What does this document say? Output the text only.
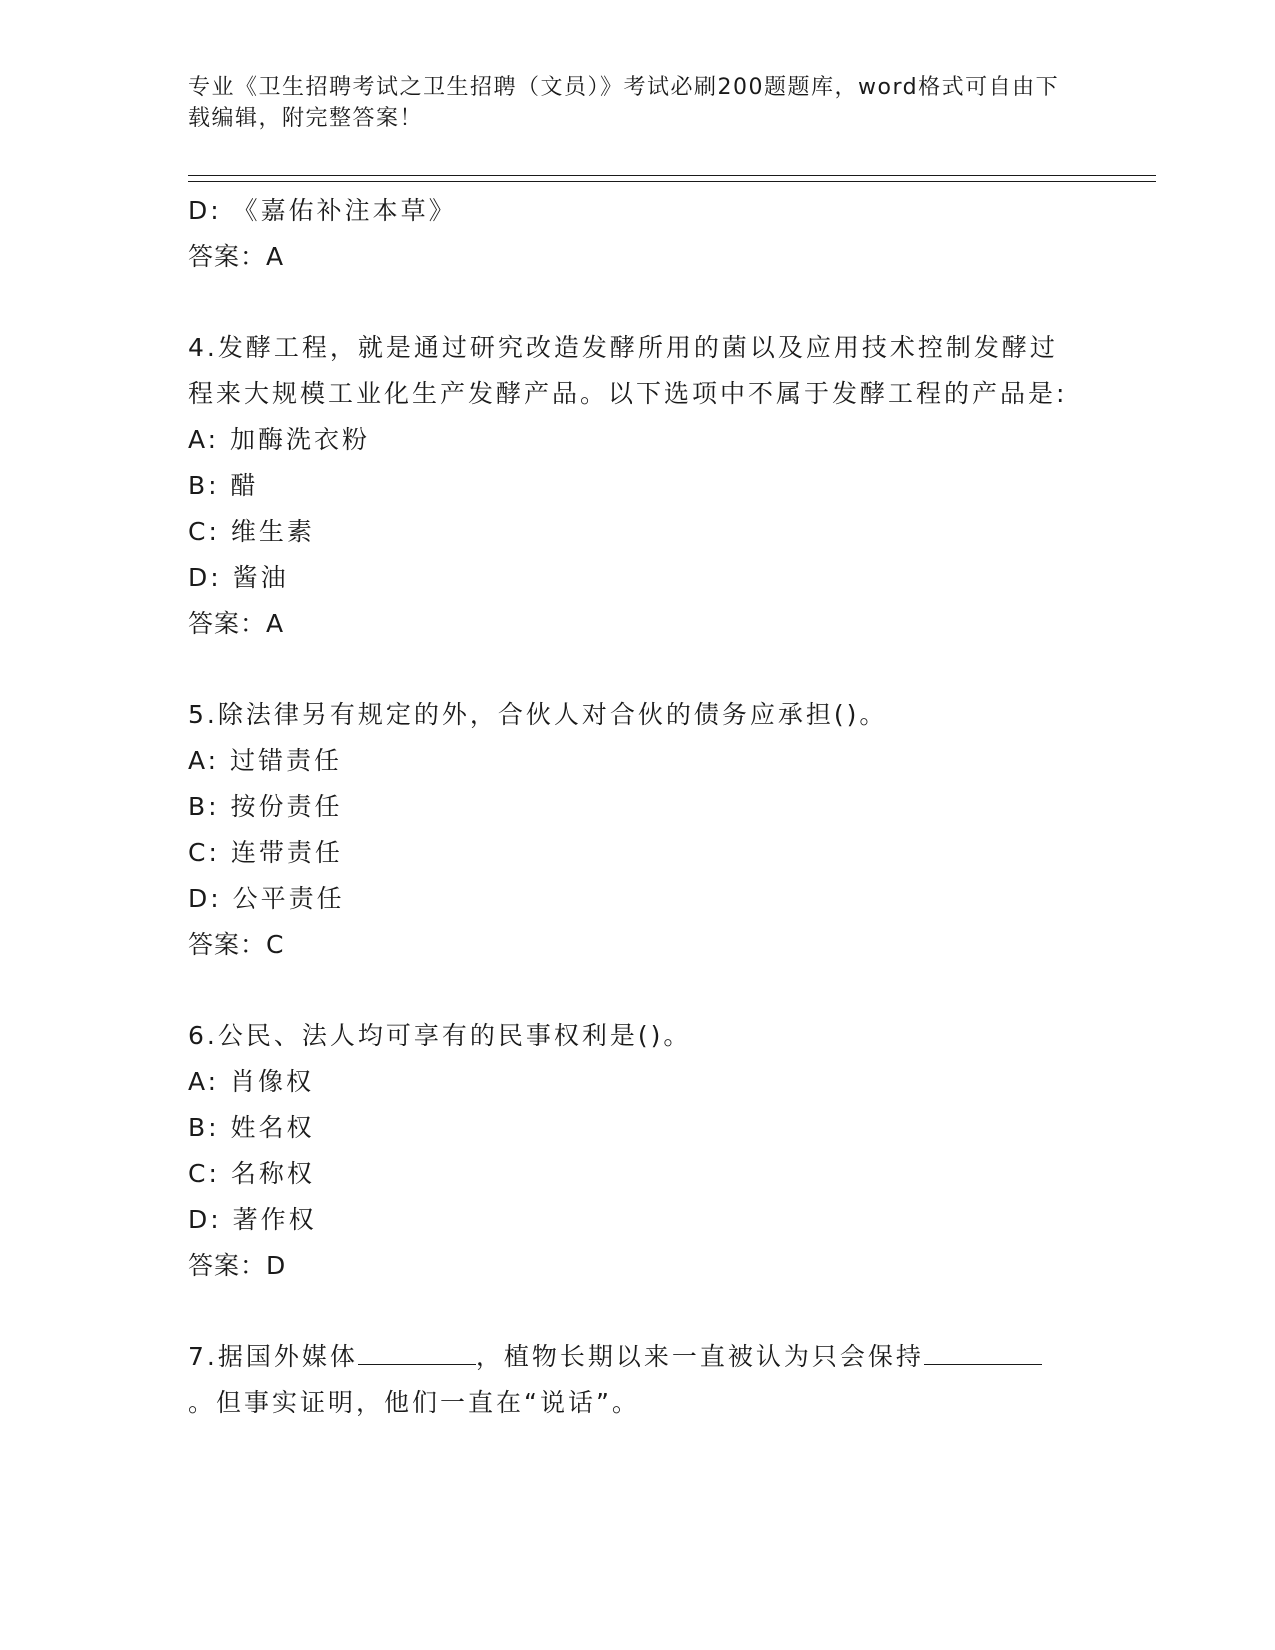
专业《卫生招聘考试之卫生招聘（文员）》考试必刷200题题库，word格式可自由下载编辑，附完整答案！
D: 《嘉佑补注本草》
答案：A
4.发酵工程，就是通过研究改造发酵所用的菌以及应用技术控制发酵过程来大规模工业化生产发酵产品。以下选项中不属于发酵工程的产品是:
A: 加酶洗衣粉
B: 醋
C: 维生素
D: 酱油
答案：A
5.除法律另有规定的外，合伙人对合伙的债务应承担()。
A: 过错责任
B: 按份责任
C: 连带责任
D: 公平责任
答案：C
6.公民、法人均可享有的民事权利是()。
A: 肖像权
B: 姓名权
C: 名称权
D: 著作权
答案：D
7.据国外媒体	，植物长期以来一直被认为只会保持。但事实证明，他们一直在“说话”。
